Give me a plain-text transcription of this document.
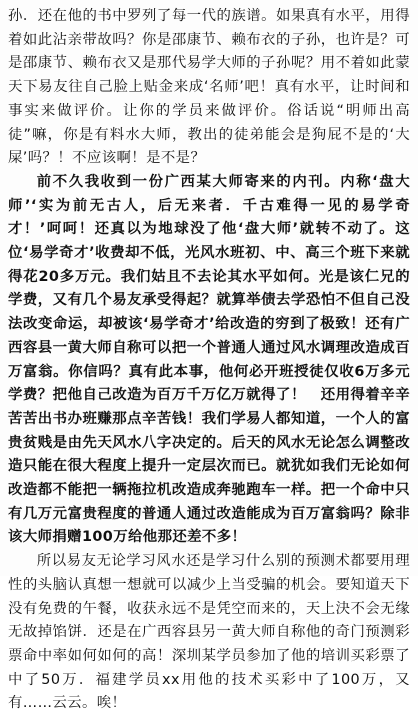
孙．还在他的书中罗列了每一代的族谱。如果真有水平，用得着如此沾亲带故吗？你是邵康节、赖布衣的子孙，也许是？可是邵康节、赖布衣又是那代易学大师的子孙呢？用不着如此蒙天下易友往自己脸上贴金来成‘名师’吧！真有水平，让时间和事实来做评价。让你的学员来做评价。俗话说“明师出高徒”嘛，你是有料水大师，教出的徒弟能会是狗屁不是的‘大屎’吗？！不应该啊！是不是？

前不久我收到一份广西某大师寄来的内刊。内称‘盘大师’‘实为前无古人，后无来者．千古难得一见的易学奇才！’呵呵！还真以为地球没了他‘盘大师’就转不动了。这位‘易学奇才’收费却不低，光风水班初、中、高三个班下来就得花20多万元。我们姑且不去论其水平如何。光是该仁兄的学费，又有几个易友承受得起？就算举债去学恐怕不但自己没法改变命运，却被该‘易学奇才’给改造的穷到了极致！还有广西容县一黄大师自称可以把一个普通人通过风水调理改造成百万富翁。你信吗？真有此本事，他何必开班授徒仅收6万多元学费？把他自己改造为百万千万亿万就得了！　还用得着辛辛苦苦出书办班赚那点辛苦钱！我们学易人都知道，一个人的富贵贫贱是由先天风水八字决定的。后天的风水无论怎么调整改造只能在很大程度上提升一定层次而已。就犹如我们无论如何改造都不能把一辆拖拉机改造成奔驰跑车一样。把一个命中只有几万元富贵程度的普通人通过改造能成为百万富翁吗？除非该大师捐赠100万给他那还差不多！

所以易友无论学习风水还是学习什么别的预测术都要用理性的头脑认真想一想就可以减少上当受骗的机会。要知道天下没有免费的午餐，收获永远不是凭空而来的，天上決不会无缘无故掉馅饼．还是在广西容县另一黄大师自称他的奇门预测彩票命中率如何如何的高！深圳某学员参加了他的培训买彩票了中了50万．福建学员xx用他的技术买彩中了100万，又有……云云。唉！
